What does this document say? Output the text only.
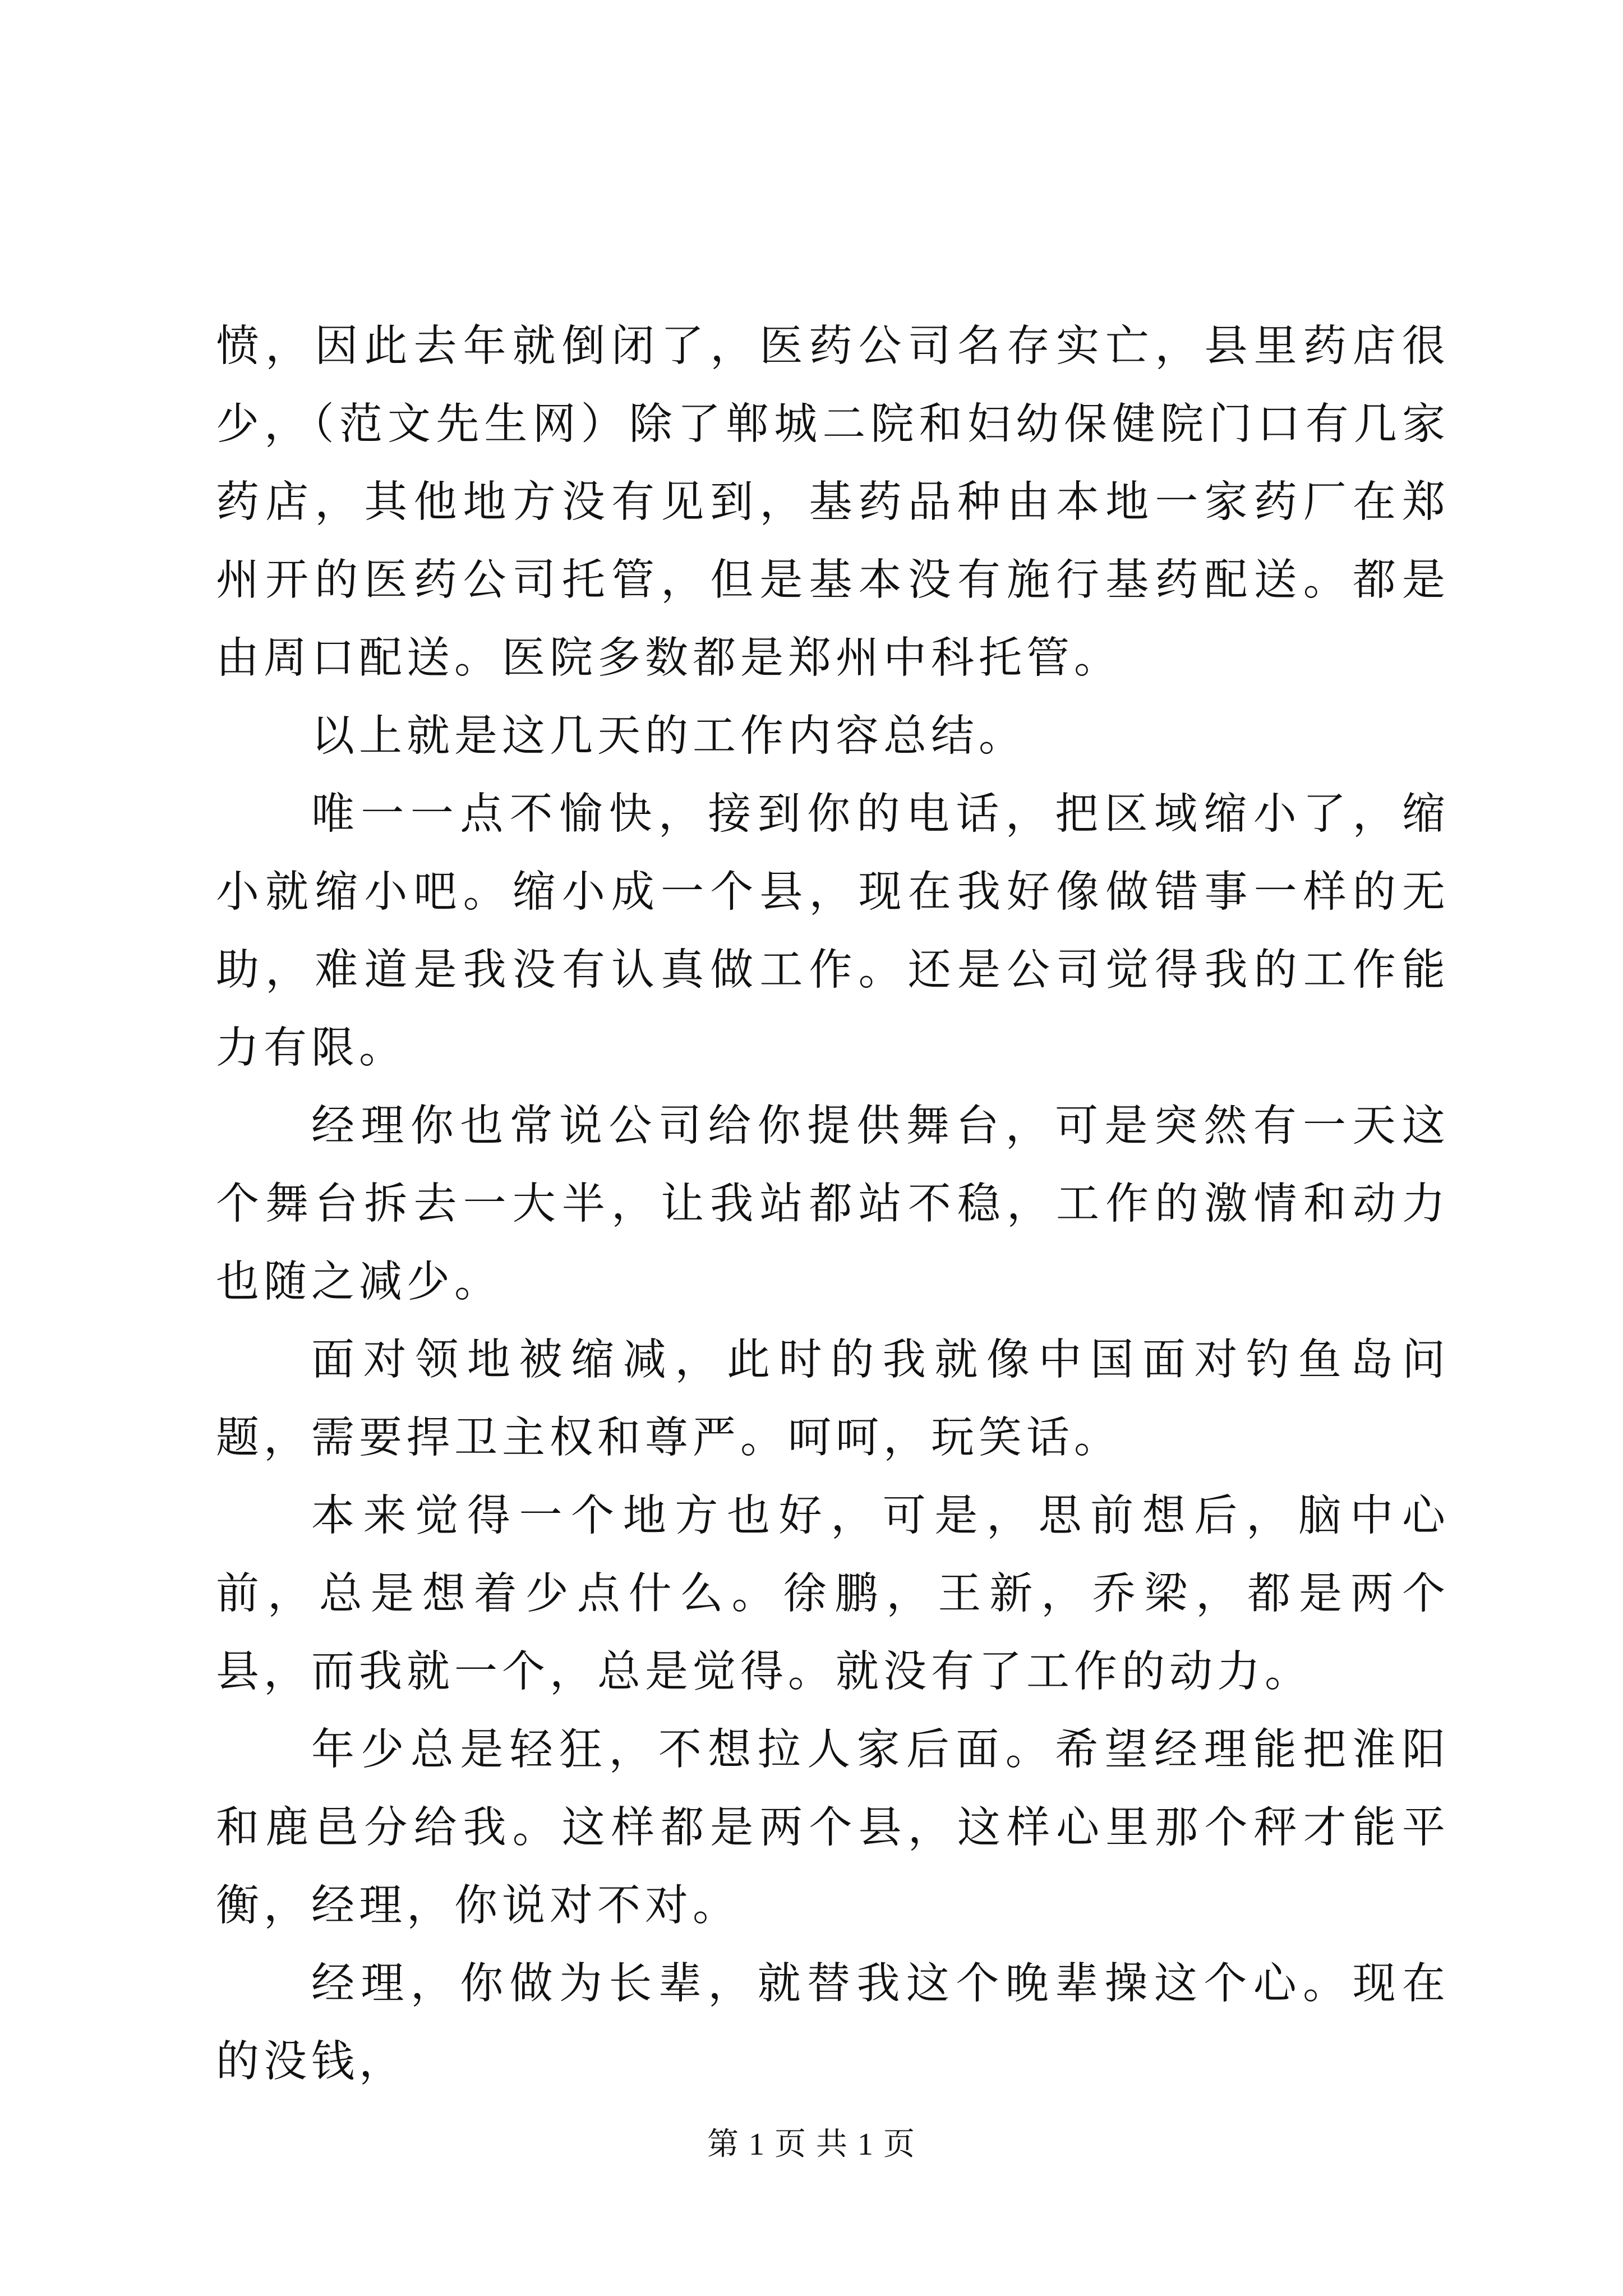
愤，因此去年就倒闭了，医药公司名存实亡，县里药店很少，（范文先生网）除了郸城二院和妇幼保健院门口有几家药店，其他地方没有见到，基药品种由本地一家药厂在郑州开的医药公司托管，但是基本没有施行基药配送。都是由周口配送。医院多数都是郑州中科托管。

以上就是这几天的工作内容总结。

唯一一点不愉快，接到你的电话，把区域缩小了，缩小就缩小吧。缩小成一个县，现在我好像做错事一样的无助，难道是我没有认真做工作。还是公司觉得我的工作能力有限。

经理你也常说公司给你提供舞台，可是突然有一天这个舞台拆去一大半，让我站都站不稳，工作的激情和动力也随之减少。

面对领地被缩减，此时的我就像中国面对钓鱼岛问题，需要捍卫主权和尊严。呵呵，玩笑话。

本来觉得一个地方也好，可是，思前想后，脑中心前，总是想着少点什么。徐鹏，王新，乔梁，都是两个县，而我就一个，总是觉得。就没有了工作的动力。

年少总是轻狂，不想拉人家后面。希望经理能把淮阳和鹿邑分给我。这样都是两个县，这样心里那个秤才能平衡，经理，你说对不对。

经理，你做为长辈，就替我这个晚辈操这个心。现在的没钱，

第 1 页 共 1 页
